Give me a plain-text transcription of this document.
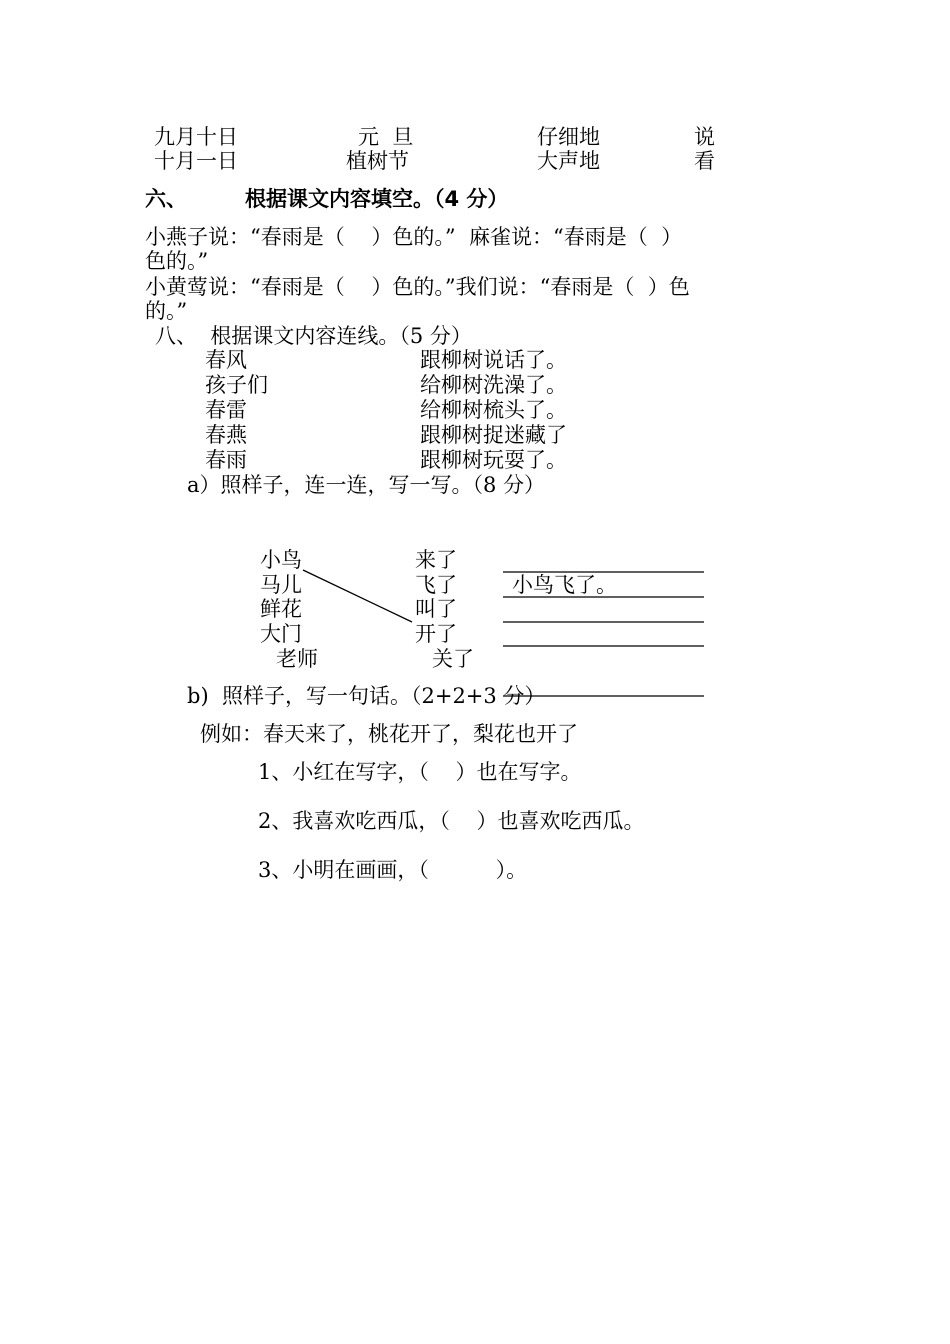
九月十日
十月一日
元  旦
植树节
仔细地
大声地
说
看
六、	根据课文内容填空。（4 分）
小燕子说：“春雨是（    ）色的。”  麻雀说：“春雨是（  ）
色的。”
小黄莺说：“春雨是（    ）色的。”我们说：“春雨是（  ）色
的。”
八、  根据课文内容连线。（5 分）
春风
孩子们
春雷
春燕
春雨
跟柳树说话了。
给柳树洗澡了。
给柳树梳头了。
跟柳树捉迷藏了
跟柳树玩耍了。
a）照样子，连一连，写一写。（8 分）
小鸟
马儿
鲜花
大门
老师
来了
飞了
叫了
开了
关了
小鸟飞了。
b)  照样子，写一句话。（2+2+3 分）
例如：春天来了，桃花开了，梨花也开了
1、小红在写字，（    ）也在写字。
2、我喜欢吃西瓜，（    ）也喜欢吃西瓜。
3、小明在画画，（          ）。
